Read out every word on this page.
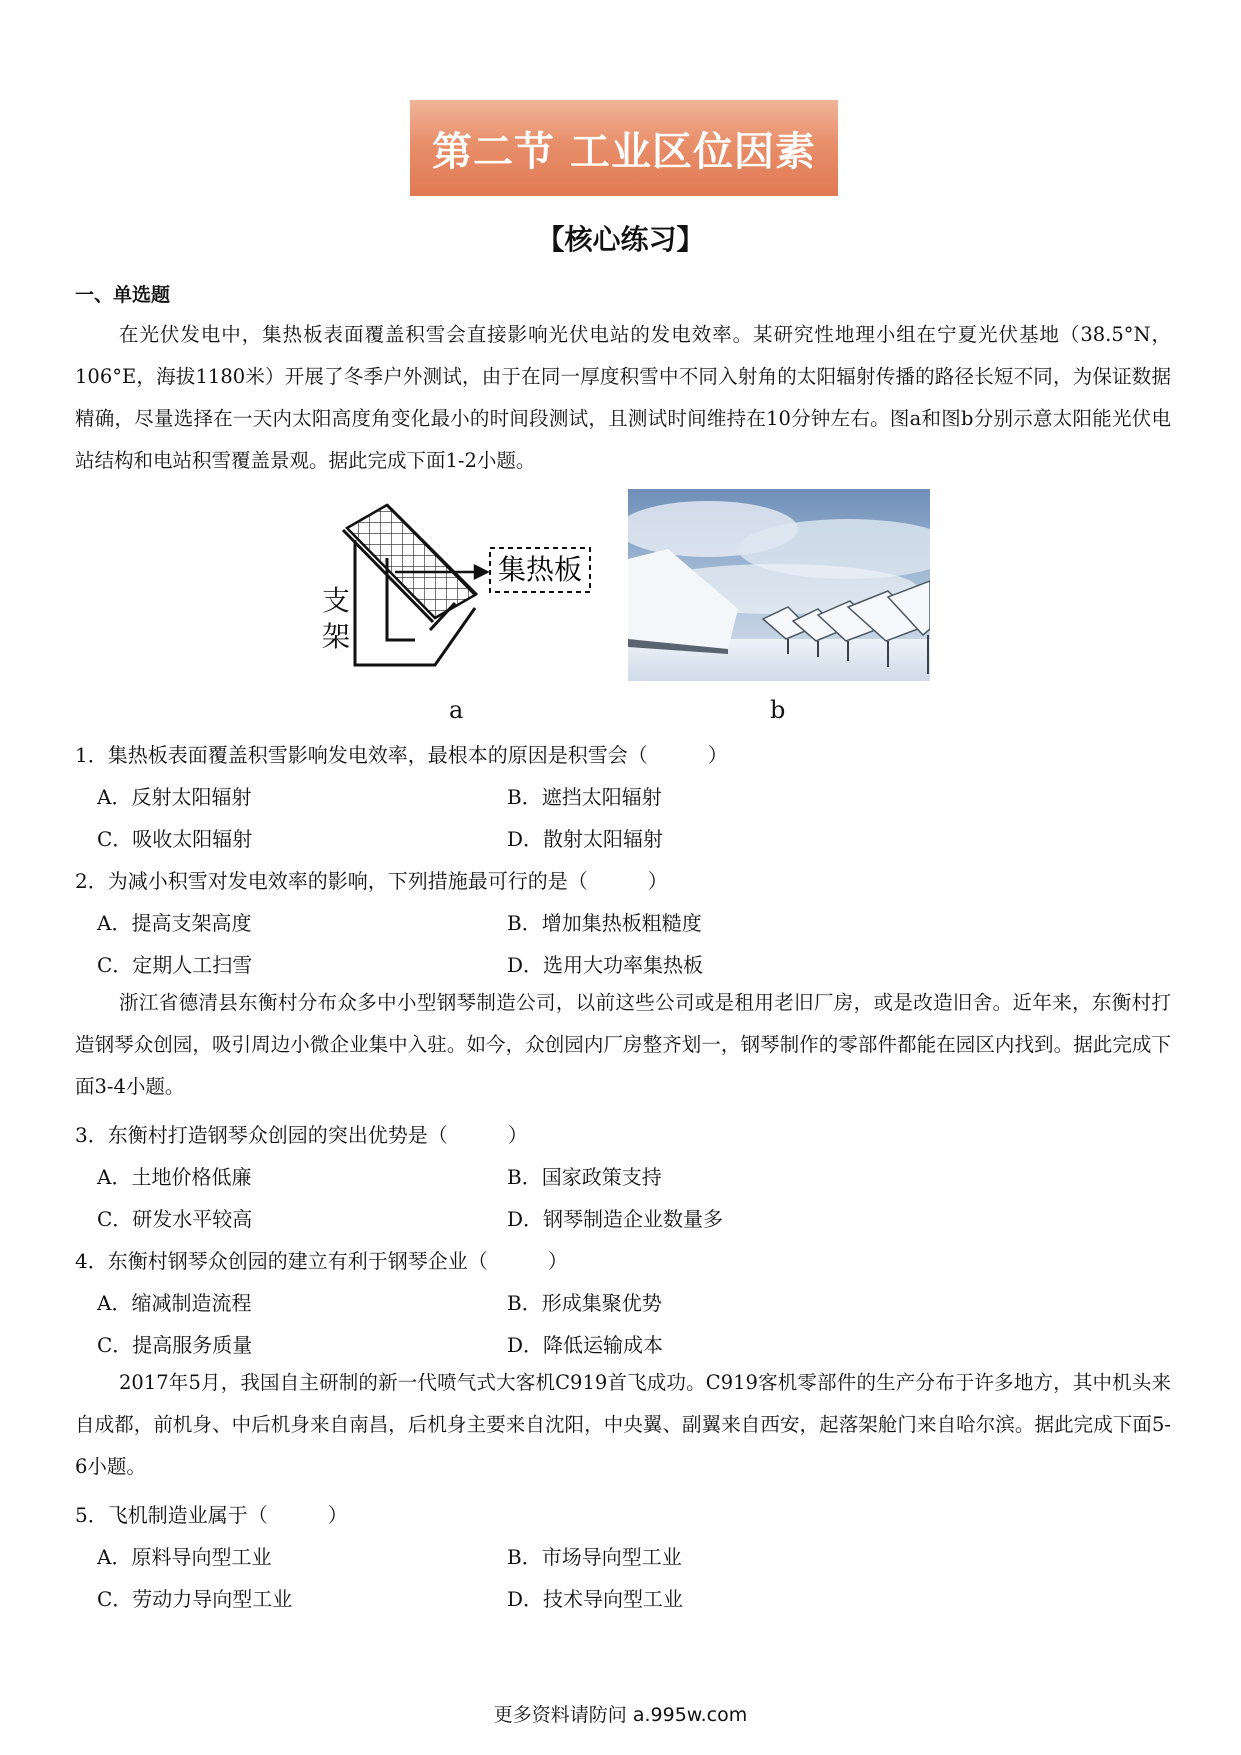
第二节 工业区位因素
【核心练习】
一、单选题

在光伏发电中，集热板表面覆盖积雪会直接影响光伏电站的发电效率。某研究性地理小组在宁夏光伏基地（38.5°N，106°E，海拔1180米）开展了冬季户外测试，由于在同一厚度积雪中不同入射角的太阳辐射传播的路径长短不同，为保证数据精确，尽量选择在一天内太阳高度角变化最小的时间段测试，且测试时间维持在10分钟左右。图a和图b分别示意太阳能光伏电站结构和电站积雪覆盖景观。据此完成下面1-2小题。

集热板
支架
a	b
1．集热板表面覆盖积雪影响发电效率，最根本的原因是积雪会（　　　）
A．反射太阳辐射	B．遮挡太阳辐射
C．吸收太阳辐射	D．散射太阳辐射
2．为减小积雪对发电效率的影响，下列措施最可行的是（　　　）
A．提高支架高度	B．增加集热板粗糙度
C．定期人工扫雪	D．选用大功率集热板

浙江省德清县东衡村分布众多中小型钢琴制造公司，以前这些公司或是租用老旧厂房，或是改造旧舍。近年来，东衡村打造钢琴众创园，吸引周边小微企业集中入驻。如今，众创园内厂房整齐划一，钢琴制作的零部件都能在园区内找到。据此完成下面3-4小题。

3．东衡村打造钢琴众创园的突出优势是（　　　）
A．土地价格低廉	B．国家政策支持
C．研发水平较高	D．钢琴制造企业数量多
4．东衡村钢琴众创园的建立有利于钢琴企业（　　　）
A．缩减制造流程	B．形成集聚优势
C．提高服务质量	D．降低运输成本

2017年5月，我国自主研制的新一代喷气式大客机C919首飞成功。C919客机零部件的生产分布于许多地方，其中机头来自成都，前机身、中后机身来自南昌，后机身主要来自沈阳，中央翼、副翼来自西安，起落架舱门来自哈尔滨。据此完成下面5-6小题。

5．飞机制造业属于（　　　）
A．原料导向型工业	B．市场导向型工业
C．劳动力导向型工业	D．技术导向型工业
更多资料请防问 a.995w.com
